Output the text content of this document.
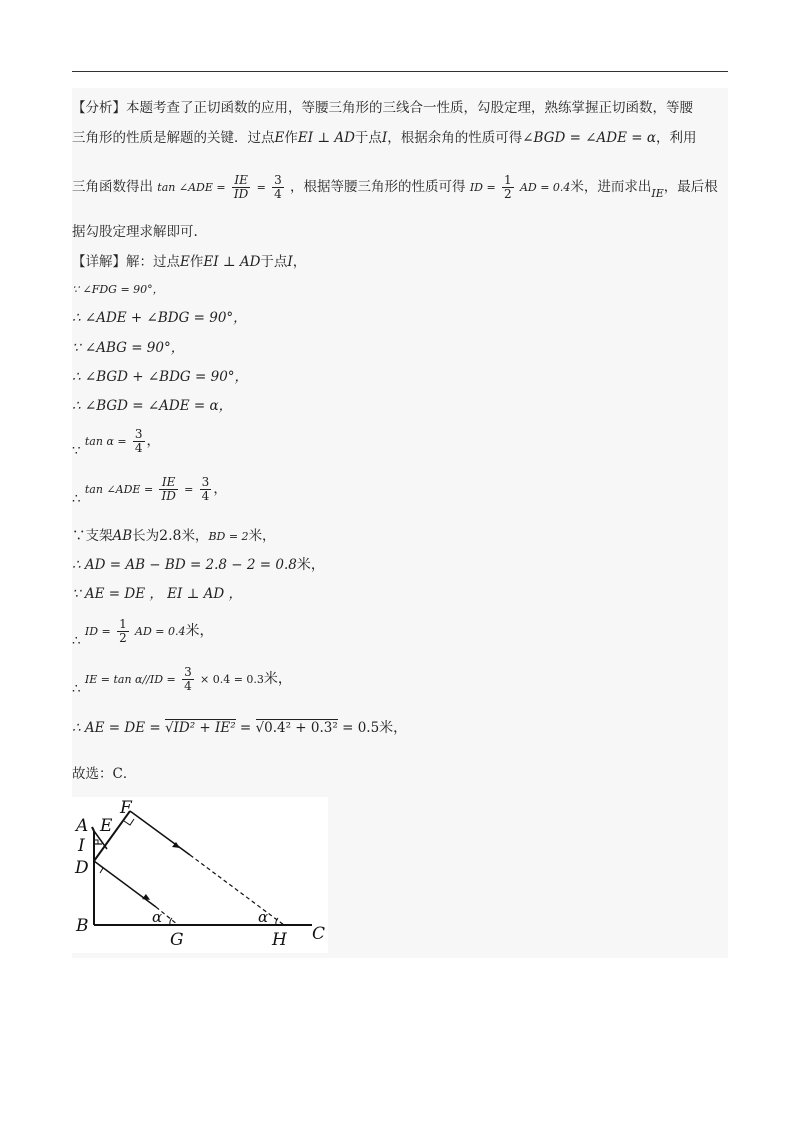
【分析】本题考查了正切函数的应用，等腰三角形的三线合一性质，勾股定理，熟练掌握正切函数，等腰
三角形的性质是解题的关键．过点E作EI ⊥ AD于点I，根据余角的性质可得∠BGD = ∠ADE = α，利用
三角函数得出 tan ∠ADE = $\frac{IE}{ID} = \frac{3}{4}$ ，根据等腰三角形的性质可得 ID = $\frac{1}{2}$ AD = 0.4米，进而求出$_{IE}$，最后根
据勾股定理求解即可.
【详解】解：过点E作EI ⊥ AD于点I，
∵ ∠FDG = 90°，
∴ ∠ADE + ∠BDG = 90°，
∵ ∠ABG = 90°，
∴ ∠BGD + ∠BDG = 90°，
∴ ∠BGD = ∠ADE = α，
∵ $\tan \alpha = \frac{3}{4}$ ，
∴ tan ∠ADE = $\frac{IE}{ID} = \frac{3}{4}$ ，
∵支架AB长为2.8米，BD = 2米，
∴ AD = AB − BD = 2.8 − 2 = 0.8米，
∵ AE = DE ， EI ⊥ AD ，
∴ ID = $\frac{1}{2}$ AD = 0.4米，
∴ IE = $\tan \alpha//ID = \frac{3}{4} \times 0.4 = 0.3$米，
∴ AE = DE = √ID² + IE² = √0.4² + 0.3² = 0.5米，
故选：C．
A E
F
I
D
B
G	H C
α	α
